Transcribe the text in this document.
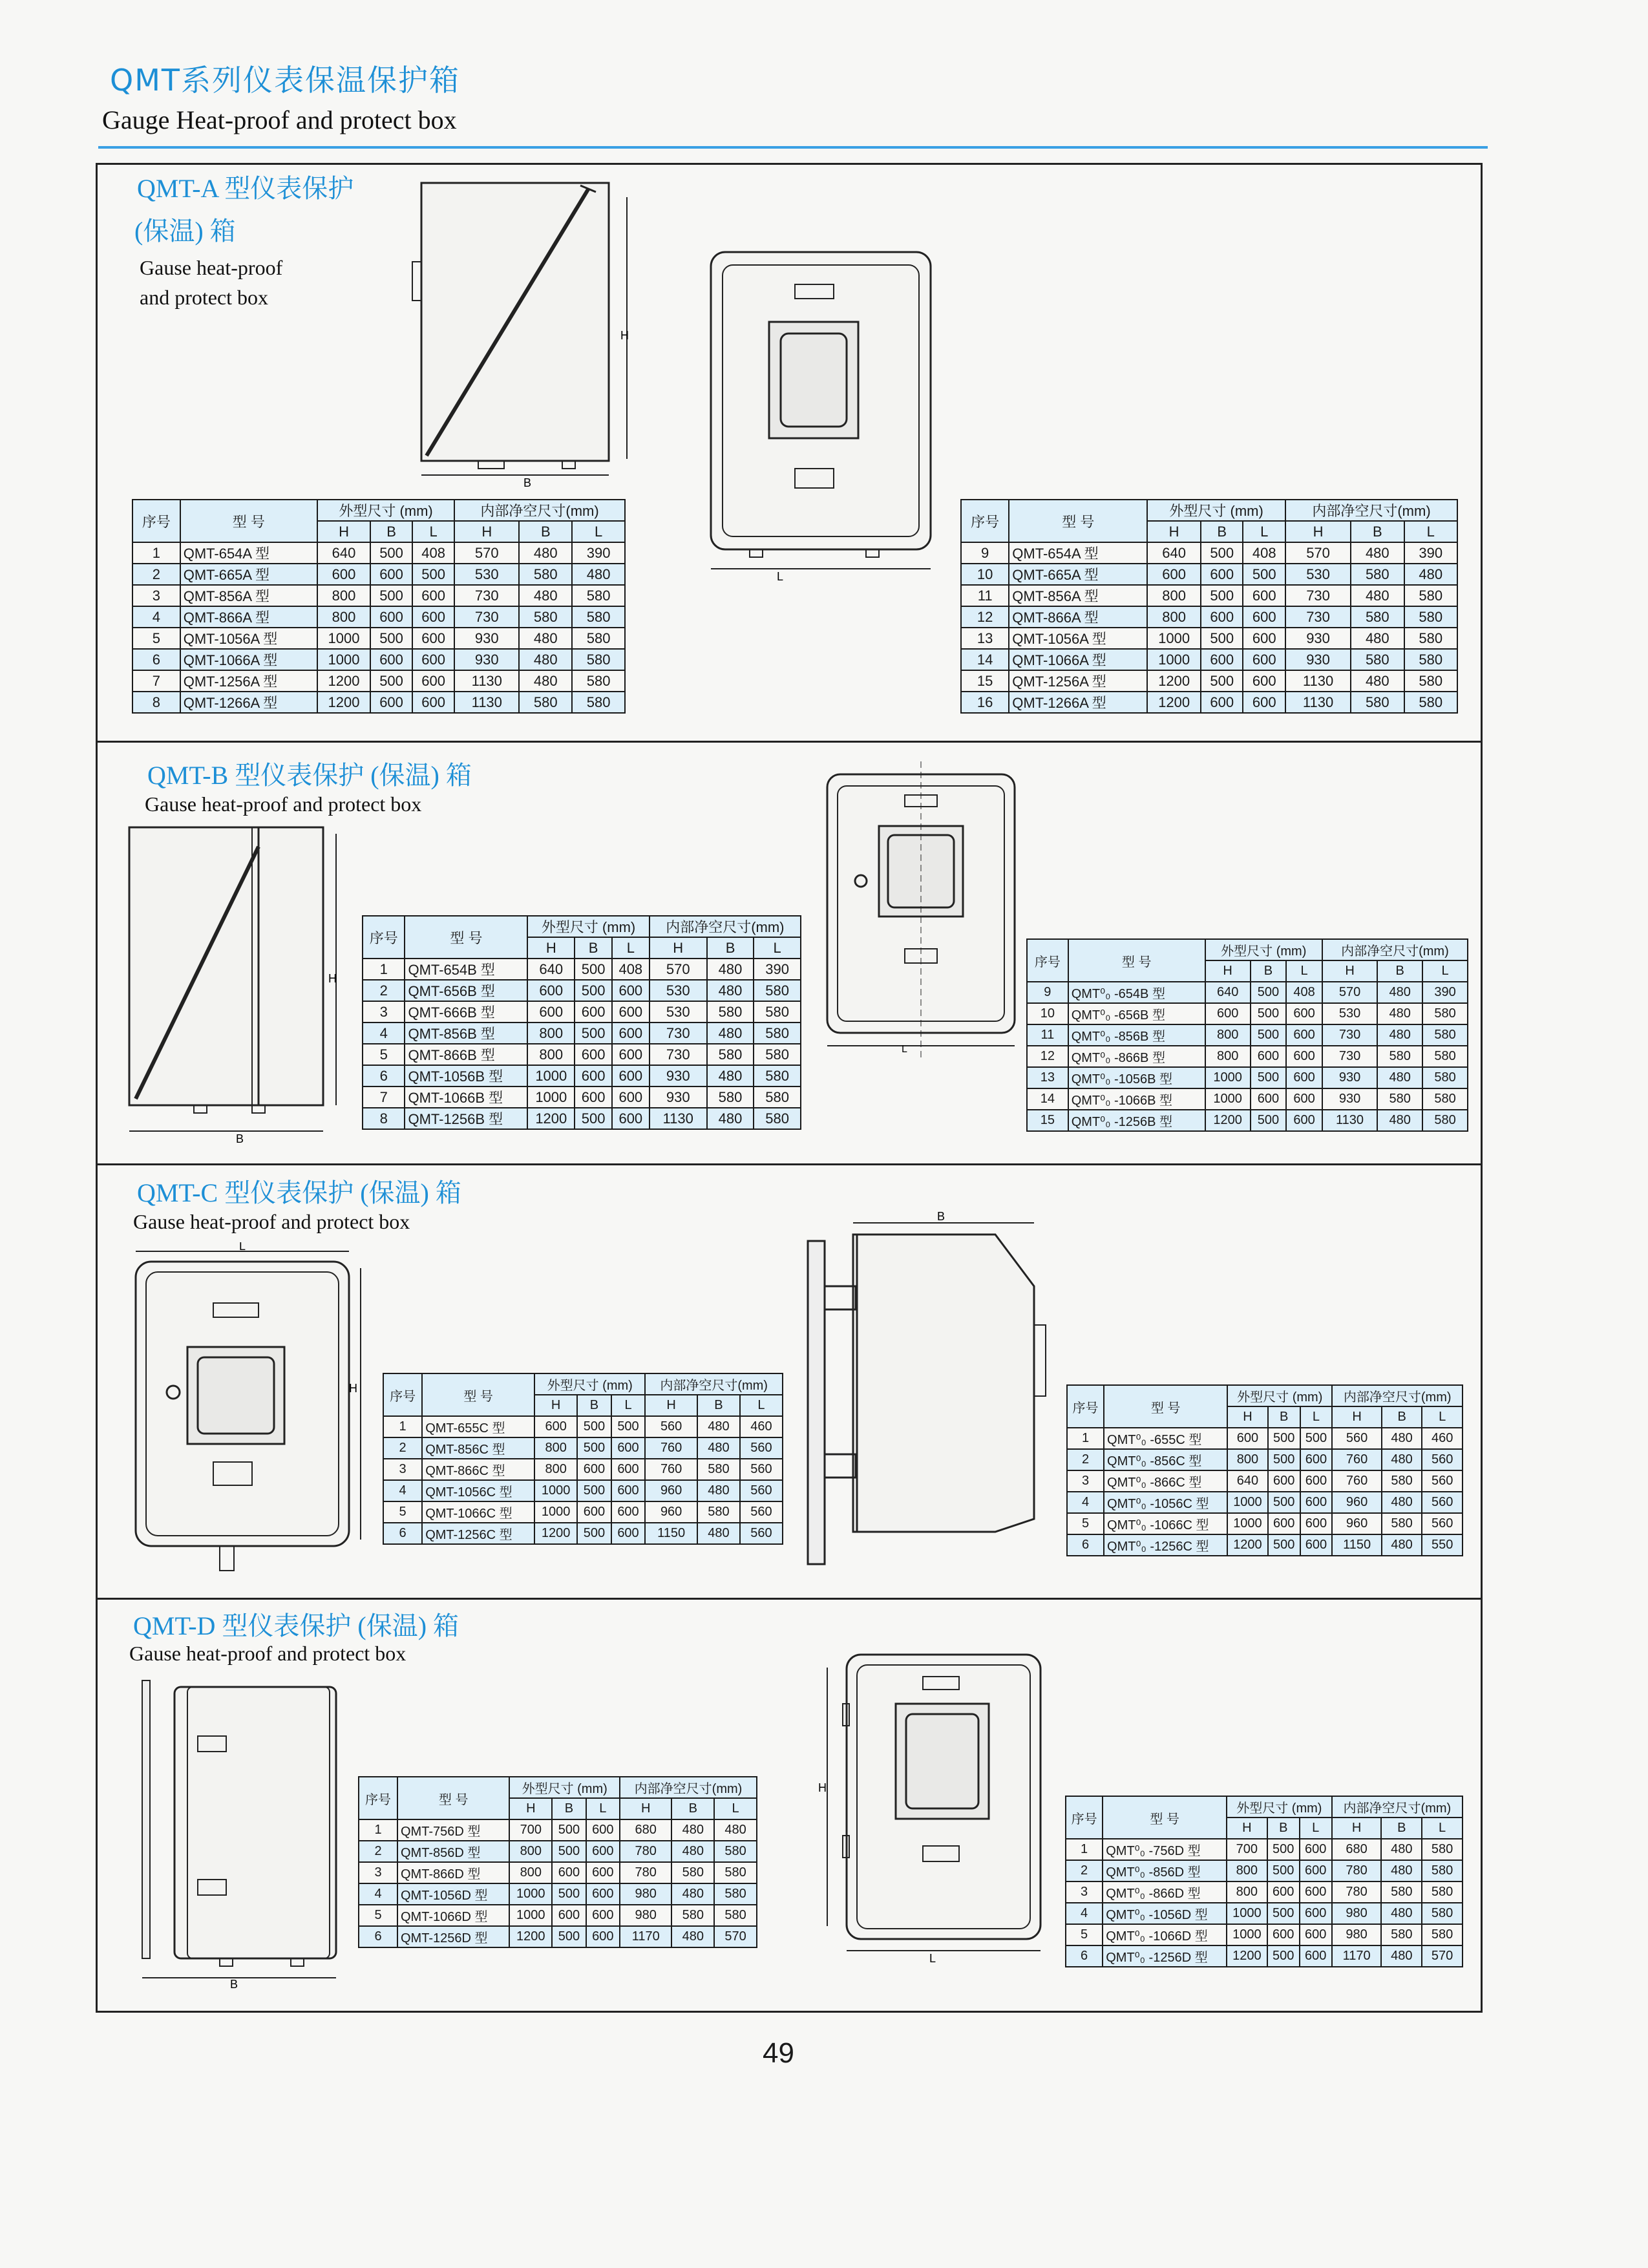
QMT系列仪表保温保护箱
Gauge Heat-proof and protect box
QMT-A 型仪表保护
(保温) 箱
Gause heat-proof
and protect box
H
B
L
序号	型 号	外型尺寸 (mm)			内部净空尺寸(mm)		
		H	B	L	H	B	L
1	QMT-654A 型	640	500	408	570	480	390
2	QMT-665A 型	600	600	500	530	580	480
3	QMT-856A 型	800	500	600	730	480	580
4	QMT-866A 型	800	600	600	730	580	580
5	QMT-1056A 型	1000	500	600	930	480	580
6	QMT-1066A 型	1000	600	600	930	480	580
7	QMT-1256A 型	1200	500	600	1130	480	580
8	QMT-1266A 型	1200	600	600	1130	580	580
序号	型 号	外型尺寸 (mm)			内部净空尺寸(mm)		
		H	B	L	H	B	L
9	QMT-654A 型	640	500	408	570	480	390
10	QMT-665A 型	600	600	500	530	580	480
11	QMT-856A 型	800	500	600	730	480	580
12	QMT-866A 型	800	600	600	730	580	580
13	QMT-1056A 型	1000	500	600	930	480	580
14	QMT-1066A 型	1000	600	600	930	580	580
15	QMT-1256A 型	1200	500	600	1130	480	580
16	QMT-1266A 型	1200	600	600	1130	580	580
QMT-B 型仪表保护 (保温) 箱
Gause heat-proof and protect box
H
B
L
序号	型 号	外型尺寸 (mm)			内部净空尺寸(mm)		
		H	B	L	H	B	L
1	QMT-654B 型	640	500	408	570	480	390
2	QMT-656B 型	600	500	600	530	480	580
3	QMT-666B 型	600	600	600	530	580	580
4	QMT-856B 型	800	500	600	730	480	580
5	QMT-866B 型	800	600	600	730	580	580
6	QMT-1056B 型	1000	600	600	930	480	580
7	QMT-1066B 型	1000	600	600	930	580	580
8	QMT-1256B 型	1200	500	600	1130	480	580
序号	型 号	外型尺寸 (mm)			内部净空尺寸(mm)		
		H	B	L	H	B	L
9	QMT⁰₀ -654B 型	640	500	408	570	480	390
10	QMT⁰₀ -656B 型	600	500	600	530	480	580
11	QMT⁰₀ -856B 型	800	500	600	730	480	580
12	QMT⁰₀ -866B 型	800	600	600	730	580	580
13	QMT⁰₀ -1056B 型	1000	500	600	930	480	580
14	QMT⁰₀ -1066B 型	1000	600	600	930	580	580
15	QMT⁰₀ -1256B 型	1200	500	600	1130	480	580
QMT-C 型仪表保护 (保温) 箱
Gause heat-proof and protect box
L
H
B
序号	型 号	外型尺寸 (mm)			内部净空尺寸(mm)		
		H	B	L	H	B	L
1	QMT-655C 型	600	500	500	560	480	460
2	QMT-856C 型	800	500	600	760	480	560
3	QMT-866C 型	800	600	600	760	580	560
4	QMT-1056C 型	1000	500	600	960	480	560
5	QMT-1066C 型	1000	600	600	960	580	560
6	QMT-1256C 型	1200	500	600	1150	480	560
序号	型 号	外型尺寸 (mm)			内部净空尺寸(mm)		
		H	B	L	H	B	L
1	QMT⁰₀ -655C 型	600	500	500	560	480	460
2	QMT⁰₀ -856C 型	800	500	600	760	480	560
3	QMT⁰₀ -866C 型	640	600	600	760	580	560
4	QMT⁰₀ -1056C 型	1000	500	600	960	480	560
5	QMT⁰₀ -1066C 型	1000	600	600	960	580	560
6	QMT⁰₀ -1256C 型	1200	500	600	1150	480	550
QMT-D 型仪表保护 (保温) 箱
Gause heat-proof and protect box
B
H
L
序号	型 号	外型尺寸 (mm)			内部净空尺寸(mm)		
		H	B	L	H	B	L
1	QMT-756D 型	700	500	600	680	480	480
2	QMT-856D 型	800	500	600	780	480	580
3	QMT-866D 型	800	600	600	780	580	580
4	QMT-1056D 型	1000	500	600	980	480	580
5	QMT-1066D 型	1000	600	600	980	580	580
6	QMT-1256D 型	1200	500	600	1170	480	570
序号	型 号	外型尺寸 (mm)			内部净空尺寸(mm)		
		H	B	L	H	B	L
1	QMT⁰₀ -756D 型	700	500	600	680	480	580
2	QMT⁰₀ -856D 型	800	500	600	780	480	580
3	QMT⁰₀ -866D 型	800	600	600	780	580	580
4	QMT⁰₀ -1056D 型	1000	500	600	980	480	580
5	QMT⁰₀ -1066D 型	1000	600	600	980	580	580
6	QMT⁰₀ -1256D 型	1200	500	600	1170	480	570
49
